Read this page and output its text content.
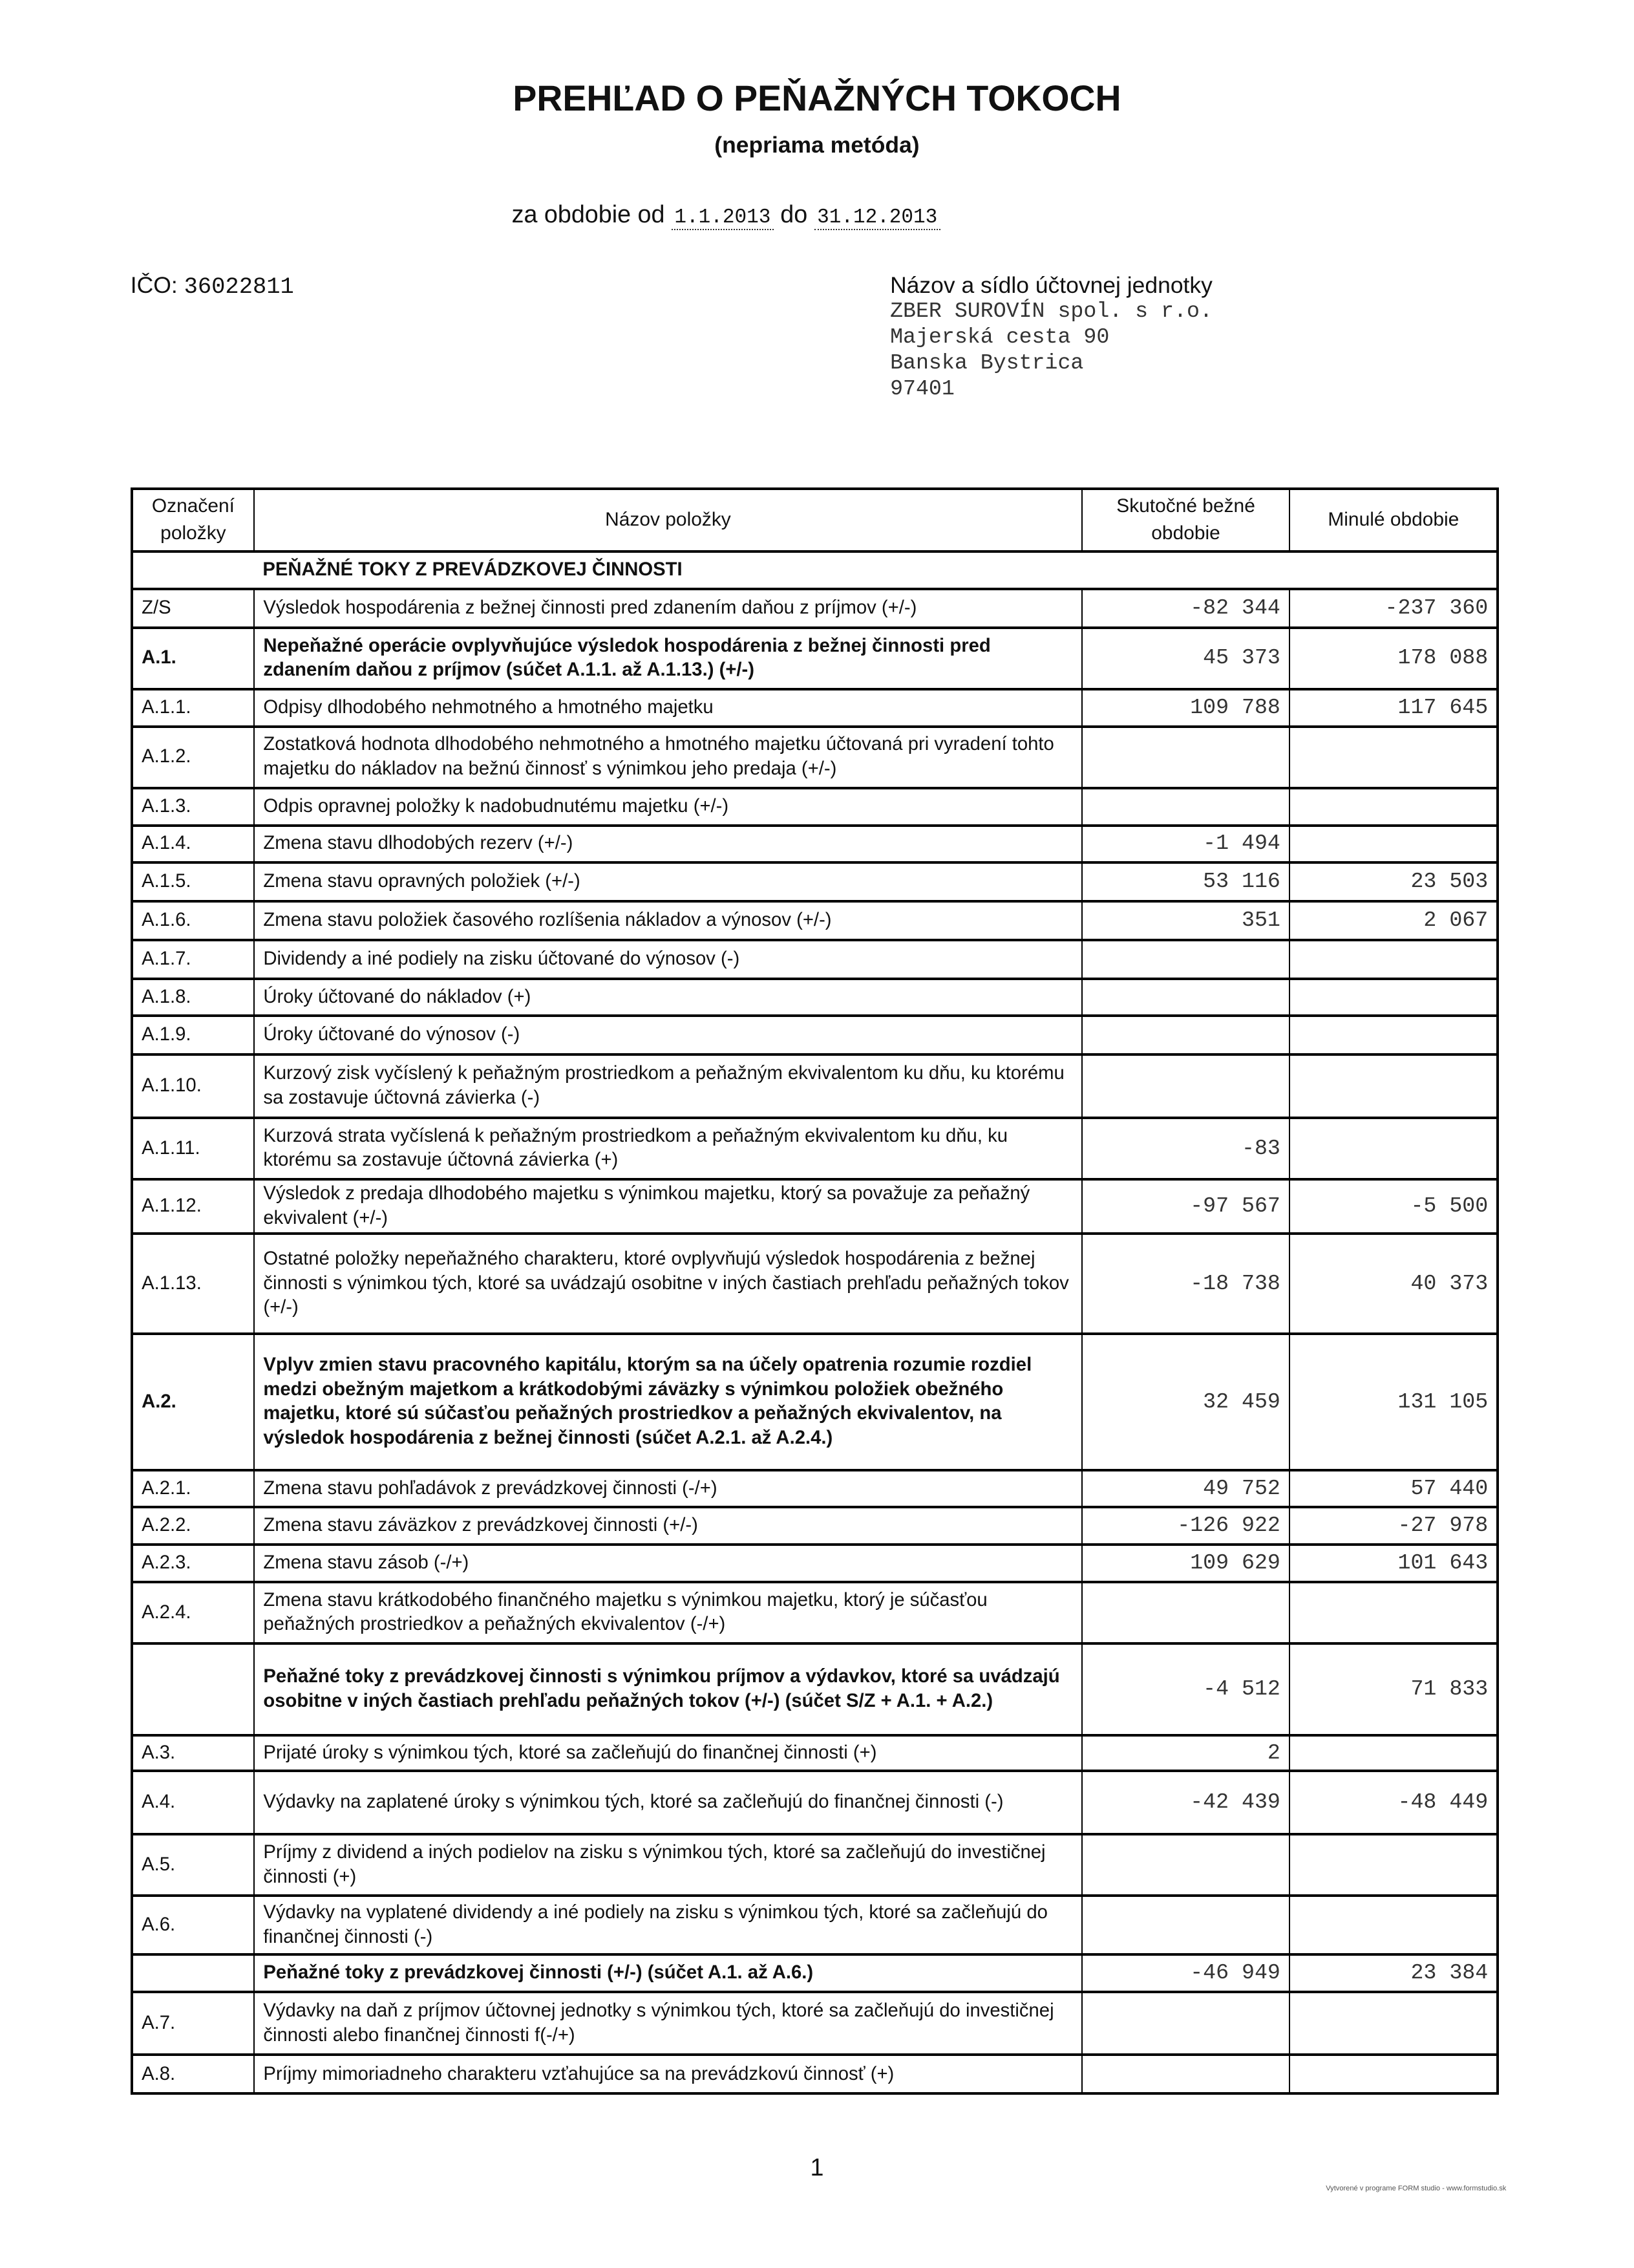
PREHĽAD O PEŇAŽNÝCH TOKOCH
(nepriama metóda)
za obdobie od 1.1.2013 do 31.12.2013
IČO: 36022811	Názov a sídlo účtovnej jednotky
ZBER SUROVÍN spol. s r.o.
Majerská cesta 90
Banska Bystrica
97401
Označení položky	Názov položky	Skutočné bežné obdobie	Minulé obdobie
	PEŇAŽNÉ TOKY Z PREVÁDZKOVEJ ČINNOSTI		
Z/S	Výsledok hospodárenia z bežnej činnosti pred zdanením daňou z príjmov (+/-)	-82 344	-237 360
A.1.	Nepeňažné operácie ovplyvňujúce výsledok hospodárenia z bežnej činnosti pred zdanením daňou z príjmov (súčet A.1.1. až A.1.13.) (+/-)	45 373	178 088
A.1.1.	Odpisy dlhodobého nehmotného a hmotného majetku	109 788	117 645
A.1.2.	Zostatková hodnota dlhodobého nehmotného a hmotného majetku účtovaná pri vyradení tohto majetku do nákladov na bežnú činnosť s výnimkou jeho predaja (+/-)		
A.1.3.	Odpis opravnej položky k nadobudnutému majetku (+/-)		
A.1.4.	Zmena stavu dlhodobých rezerv (+/-)	-1 494	
A.1.5.	Zmena stavu opravných položiek (+/-)	53 116	23 503
A.1.6.	Zmena stavu položiek časového rozlíšenia nákladov a výnosov (+/-)	351	2 067
A.1.7.	Dividendy a iné podiely na zisku účtované do výnosov (-)		
A.1.8.	Úroky účtované do nákladov (+)		
A.1.9.	Úroky účtované do výnosov (-)		
A.1.10.	Kurzový zisk vyčíslený k peňažným prostriedkom a peňažným ekvivalentom ku dňu, ku ktorému sa zostavuje účtovná závierka (-)		
A.1.11.	Kurzová strata vyčíslená k peňažným prostriedkom a peňažným ekvivalentom ku dňu, ku ktorému sa zostavuje účtovná závierka (+)	-83	
A.1.12.	Výsledok z predaja dlhodobého majetku s výnimkou majetku, ktorý sa považuje za peňažný ekvivalent (+/-)	-97 567	-5 500
A.1.13.	Ostatné položky nepeňažného charakteru, ktoré ovplyvňujú výsledok hospodárenia z bežnej činnosti s výnimkou tých, ktoré sa uvádzajú osobitne v iných častiach prehľadu peňažných tokov (+/-)	-18 738	40 373
A.2.	Vplyv zmien stavu pracovného kapitálu, ktorým sa na účely opatrenia rozumie rozdiel medzi obežným majetkom a krátkodobými záväzky s výnimkou položiek obežného majetku, ktoré sú súčasťou peňažných prostriedkov a peňažných ekvivalentov, na výsledok hospodárenia z bežnej činnosti (súčet A.2.1. až A.2.4.)	32 459	131 105
A.2.1.	Zmena stavu pohľadávok z prevádzkovej činnosti (-/+)	49 752	57 440
A.2.2.	Zmena stavu záväzkov z prevádzkovej činnosti (+/-)	-126 922	-27 978
A.2.3.	Zmena stavu zásob (-/+)	109 629	101 643
A.2.4.	Zmena stavu krátkodobého finančného majetku s výnimkou majetku, ktorý je súčasťou peňažných prostriedkov a peňažných ekvivalentov (-/+)		
	Peňažné toky z prevádzkovej činnosti s výnimkou príjmov a výdavkov, ktoré sa uvádzajú osobitne v iných častiach prehľadu peňažných tokov (+/-) (súčet S/Z + A.1. + A.2.)	-4 512	71 833
A.3.	Prijaté úroky s výnimkou tých, ktoré sa začleňujú do finančnej činnosti (+)	2	
A.4.	Výdavky na zaplatené úroky s výnimkou tých, ktoré sa začleňujú do finančnej činnosti (-)	-42 439	-48 449
A.5.	Príjmy z dividend a iných podielov na zisku s výnimkou tých, ktoré sa začleňujú do investičnej činnosti (+)		
A.6.	Výdavky na vyplatené dividendy a iné podiely na zisku s výnimkou tých, ktoré sa začleňujú do finančnej činnosti (-)		
	Peňažné toky z prevádzkovej činnosti (+/-) (súčet A.1. až A.6.)	-46 949	23 384
A.7.	Výdavky na daň z príjmov účtovnej jednotky s výnimkou tých, ktoré sa začleňujú do investičnej činnosti alebo finančnej činnosti f(-/+)		
A.8.	Príjmy mimoriadneho charakteru vzťahujúce sa na prevádzkovú činnosť (+)		
1
Vytvorené v programe FORM studio - www.formstudio.sk
